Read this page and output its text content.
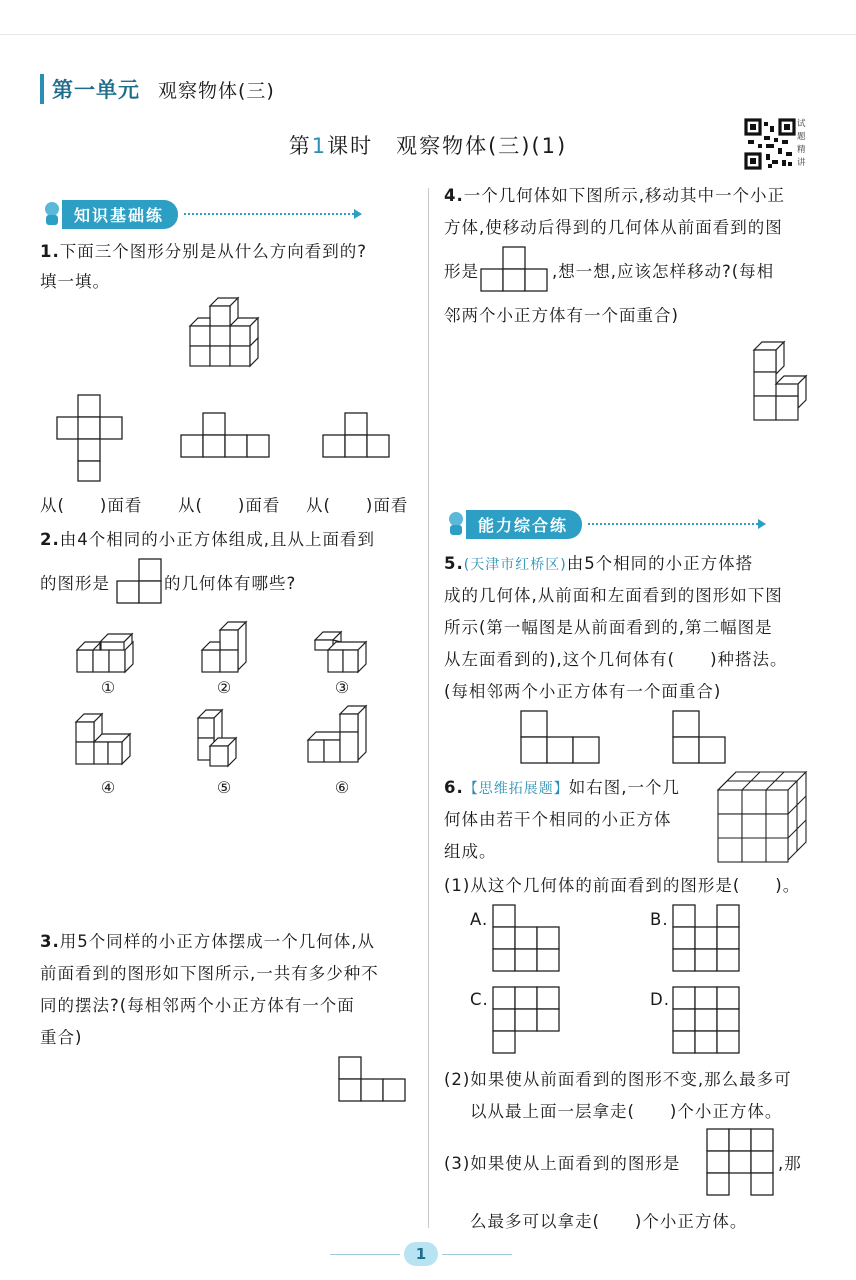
第一单元 观察物体(三)
第1课时　观察物体(三)(1)
试题精讲
知识基础练
1.下面三个图形分别是从什么方向看到的?
填一填。
从(　　)面看 从(　　)面看 从(　　)面看
2.由4个相同的小正方体组成,且从上面看到
的图形是	的几何体有哪些?
①	②	③
④	⑤	⑥
3.用5个同样的小正方体摆成一个几何体,从
前面看到的图形如下图所示,一共有多少种不
同的摆法?(每相邻两个小正方体有一个面
重合)
4.一个几何体如下图所示,移动其中一个小正
方体,使移动后得到的几何体从前面看到的图
形是	,想一想,应该怎样移动?(每相
邻两个小正方体有一个面重合)
能力综合练
5.(天津市红桥区)由5个相同的小正方体搭
成的几何体,从前面和左面看到的图形如下图
所示(第一幅图是从前面看到的,第二幅图是
从左面看到的),这个几何体有(　　)种搭法。
(每相邻两个小正方体有一个面重合)
6.【思维拓展题】如右图,一个几
何体由若干个相同的小正方体
组成。
(1)从这个几何体的前面看到的图形是(　　)。
A.	B.
C.	D.
(2)如果使从前面看到的图形不变,那么最多可
以从最上面一层拿走(　　)个小正方体。
(3)如果使从上面看到的图形是	,那
么最多可以拿走(　　)个小正方体。
1
